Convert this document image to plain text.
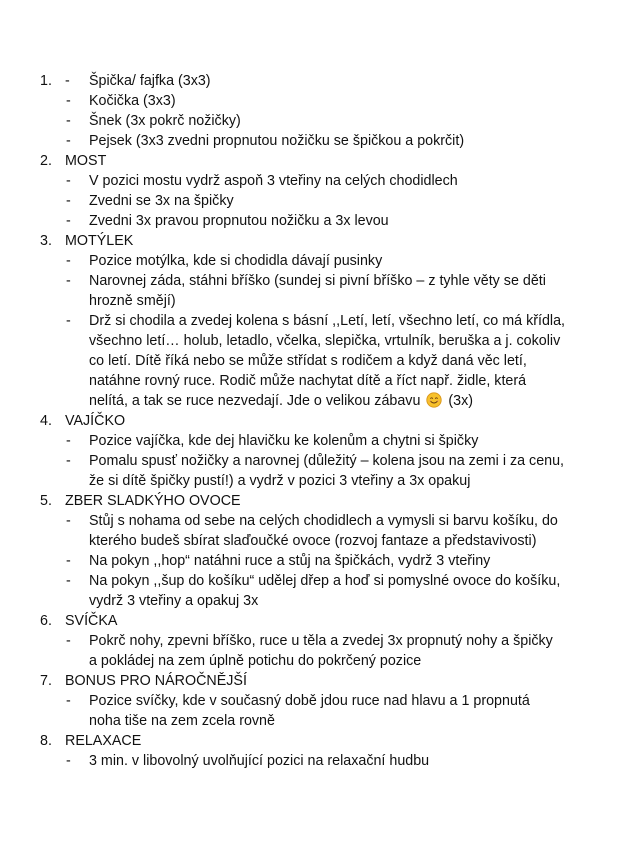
1. - Špička/ fajfka (3x3)
- Kočička (3x3)
- Šnek (3x pokrč nožičky)
- Pejsek (3x3 zvedni propnutou nožičku se špičkou a pokrčit)
2. MOST
- V pozici mostu vydrž aspoň 3 vteřiny na celých chodidlech
- Zvedni se 3x na špičky
- Zvedni 3x pravou propnutou nožičku a 3x levou
3. MOTÝLEK
- Pozice motýlka, kde si chodidla dávají pusinky
- Narovnej záda, stáhni bříško (sundej si pivní bříško – z tyhle věty se děti
hrozně smějí)
- Drž si chodila a zvedej kolena s básní ,,Letí, letí, všechno letí, co má křídla,
všechno letí… holub, letadlo, včelka, slepička, vrtulník, beruška a j. cokoliv
co letí. Dítě říká nebo se může střídat s rodičem a když daná věc letí,
natáhne rovný ruce. Rodič může nachytat dítě a říct např. židle, která
nelítá, a tak se ruce nezvedají. Jde o velikou zábavu (3x)
4. VAJÍČKO
- Pozice vajíčka, kde dej hlavičku ke kolenům a chytni si špičky
- Pomalu spusť nožičky a narovnej (důležitý – kolena jsou na zemi i za cenu,
že si dítě špičky pustí!) a vydrž v pozici 3 vteřiny a 3x opakuj
5. ZBER SLADKÝHO OVOCE
- Stůj s nohama od sebe na celých chodidlech a vymysli si barvu košíku, do
kterého budeš sbírat slaďoučké ovoce (rozvoj fantaze a představivosti)
- Na pokyn ,,hop“ natáhni ruce a stůj na špičkách, vydrž 3 vteřiny
- Na pokyn ,,šup do košíku“ udělej dřep a hoď si pomyslné ovoce do košíku,
vydrž 3 vteřiny a opakuj 3x
6. SVÍČKA
- Pokrč nohy, zpevni bříško, ruce u těla a zvedej 3x propnutý nohy a špičky
a pokládej na zem úplně potichu do pokrčený pozice
7. BONUS PRO NÁROČNĚJŠÍ
- Pozice svíčky, kde v současný době jdou ruce nad hlavu a 1 propnutá
noha tiše na zem zcela rovně
8. RELAXACE
- 3 min. v libovolný uvolňující pozici na relaxační hudbu
